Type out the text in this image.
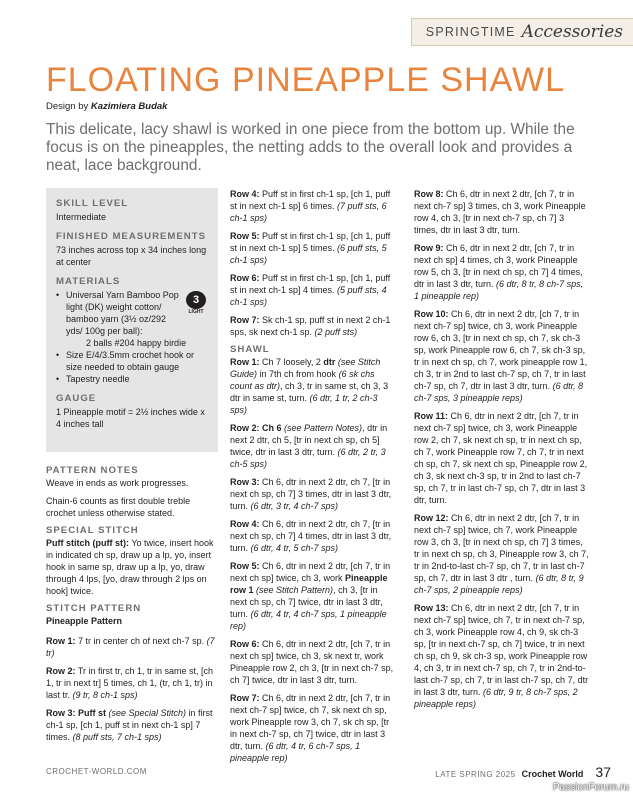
SPRINGTIME Accessories
FLOATING PINEAPPLE SHAWL
Design by Kazimiera Budak
This delicate, lacy shawl is worked in one piece from the bottom up. While the focus is on the pineapples, the netting adds to the overall look and provides a neat, lace background.
SKILL LEVEL
Intermediate
FINISHED MEASUREMENTS
73 inches across top x 34 inches long at center
MATERIALS
• Universal Yarn Bamboo Pop light (DK) weight cotton/ bamboo yarn (3½ oz/292 yds/ 100g per ball):
3
LIGHT
2 balls #204 happy birdie
• Size E/4/3.5mm crochet hook or size needed to obtain gauge
• Tapestry needle
GAUGE
1 Pineapple motif = 2½ inches wide x 4 inches tall
PATTERN NOTES

Weave in ends as work progresses.

Chain-6 counts as first double treble crochet unless otherwise stated.

SPECIAL STITCH

Puff stitch (puff st): Yo twice, insert hook in indicated ch sp, draw up a lp, yo, insert hook in same sp, draw up a lp, yo, draw through 4 lps, [yo, draw through 2 lps on hook] twice.

STITCH PATTERN
Pineapple Pattern

Row 1: 7 tr in center ch of next ch-7 sp. (7 tr)

Row 2: Tr in first tr, ch 1, tr in same st, [ch 1, tr in next tr] 5 times, ch 1, (tr, ch 1, tr) in last tr. (9 tr, 8 ch-1 sps)

Row 3: Puff st (see Special Stitch) in first ch-1 sp, [ch 1, puff st in next ch-1 sp] 7 times. (8 puff sts, 7 ch-1 sps)

Row 4: Puff st in first ch-1 sp, [ch 1, puff st in next ch-1 sp] 6 times. (7 puff sts, 6 ch-1 sps)

Row 5: Puff st in first ch-1 sp, [ch 1, puff st in next ch-1 sp] 5 times. (6 puff sts, 5 ch-1 sps)

Row 6: Puff st in first ch-1 sp, [ch 1, puff st in next ch-1 sp] 4 times. (5 puff sts, 4 ch-1 sps)

Row 7: Sk ch-1 sp, puff st in next 2 ch-1 sps, sk next ch-1 sp. (2 puff sts)

SHAWL

Row 1: Ch 7 loosely, 2 dtr (see Stitch Guide) in 7th ch from hook (6 sk chs count as dtr), ch 3, tr in same st, ch 3, 3 dtr in same st, turn. (6 dtr, 1 tr, 2 ch-3 sps)

Row 2: Ch 6 (see Pattern Notes), dtr in next 2 dtr, ch 5, [tr in next ch sp, ch 5] twice, dtr in last 3 dtr, turn. (6 dtr, 2 tr, 3 ch-5 sps)

Row 3: Ch 6, dtr in next 2 dtr, ch 7, [tr in next ch sp, ch 7] 3 times, dtr in last 3 dtr, turn. (6 dtr, 3 tr, 4 ch-7 sps)

Row 4: Ch 6, dtr in next 2 dtr, ch 7, [tr in next ch sp, ch 7] 4 times, dtr in last 3 dtr, turn. (6 dtr, 4 tr, 5 ch-7 sps)

Row 5: Ch 6, dtr in next 2 dtr, [ch 7, tr in next ch sp] twice, ch 3, work Pineapple row 1 (see Stitch Pattern), ch 3, [tr in next ch sp, ch 7] twice, dtr in last 3 dtr, turn. (6 dtr, 4 tr, 4 ch-7 sps, 1 pineapple rep)

Row 6: Ch 6, dtr in next 2 dtr, [ch 7, tr in next ch sp] twice, ch 3, sk next tr, work Pineapple row 2, ch 3, [tr in next ch-7 sp, ch 7] twice, dtr in last 3 dtr, turn.

Row 7: Ch 6, dtr in next 2 dtr, [ch 7, tr in next ch-7 sp] twice, ch 7, sk next ch sp, work Pineapple row 3, ch 7, sk ch sp, [tr in next ch-7 sp, ch 7] twice, dtr in last 3 dtr, turn. (6 dtr, 4 tr, 6 ch-7 sps, 1 pineapple rep)

Row 8: Ch 6, dtr in next 2 dtr, [ch 7, tr in next ch-7 sp] 3 times, ch 3, work Pineapple row 4, ch 3, [tr in next ch-7 sp, ch 7] 3 times, dtr in last 3 dtr, turn.

Row 9: Ch 6, dtr in next 2 dtr, [ch 7, tr in next ch sp] 4 times, ch 3, work Pineapple row 5, ch 3, [tr in next ch sp, ch 7] 4 times, dtr in last 3 dtr, turn. (6 dtr, 8 tr, 8 ch-7 sps, 1 pineapple rep)

Row 10: Ch 6, dtr in next 2 dtr, [ch 7, tr in next ch-7 sp] twice, ch 3, work Pineapple row 6, ch 3, [tr in next ch sp, ch 7, sk ch-3 sp, work Pineapple row 6, ch 7, sk ch-3 sp, tr in next ch sp, ch 7, work pineapple row 1, ch 3, tr in 2nd to last ch-7 sp, ch 7, tr in last ch-7 sp, ch 7, dtr in last 3 dtr, turn. (6 dtr, 8 ch-7 sps, 3 pineapple reps)

Row 11: Ch 6, dtr in next 2 dtr, [ch 7, tr in next ch-7 sp] twice, ch 3, work Pineapple row 2, ch 7, sk next ch sp, tr in next ch sp, ch 7, work Pineapple row 7, ch 7, tr in next ch sp, ch 7, sk next ch sp, Pineapple row 2, ch 3, sk next ch-3 sp, tr in 2nd to last ch-7 sp, ch 7, tr in last ch-7 sp, ch 7, dtr in last 3 dtr, turn.

Row 12: Ch 6, dtr in next 2 dtr, [ch 7, tr in next ch-7 sp] twice, ch 7, work Pineapple row 3, ch 3, [tr in next ch sp, ch 7] 3 times, tr in next ch sp, ch 3, Pineapple row 3, ch 7, tr in 2nd-to-last ch-7 sp, ch 7, tr in last ch-7 sp, ch 7, dtr in last 3 dtr , turn. (6 dtr, 8 tr, 9 ch-7 sps, 2 pineapple reps)

Row 13: Ch 6, dtr in next 2 dtr, [ch 7, tr in next ch-7 sp] twice, ch 7, tr in next ch-7 sp, ch 3, work Pineapple row 4, ch 9, sk ch-3 sp, [tr in next ch-7 sp, ch 7] twice, tr in next ch sp, ch 9, sk ch-3 sp, work Pineapple row 4, ch 3, tr in next ch-7 sp, ch 7, tr in 2nd-to-last ch-7 sp, ch 7, tr in last ch-7 sp, ch 7, dtr in last 3 dtr, turn. (6 dtr, 9 tr, 8 ch-7 sps, 2 pineapple reps)

CROCHET-WORLD.COM	LATE SPRING 2025 Crochet World 37
PassionForum.ru
